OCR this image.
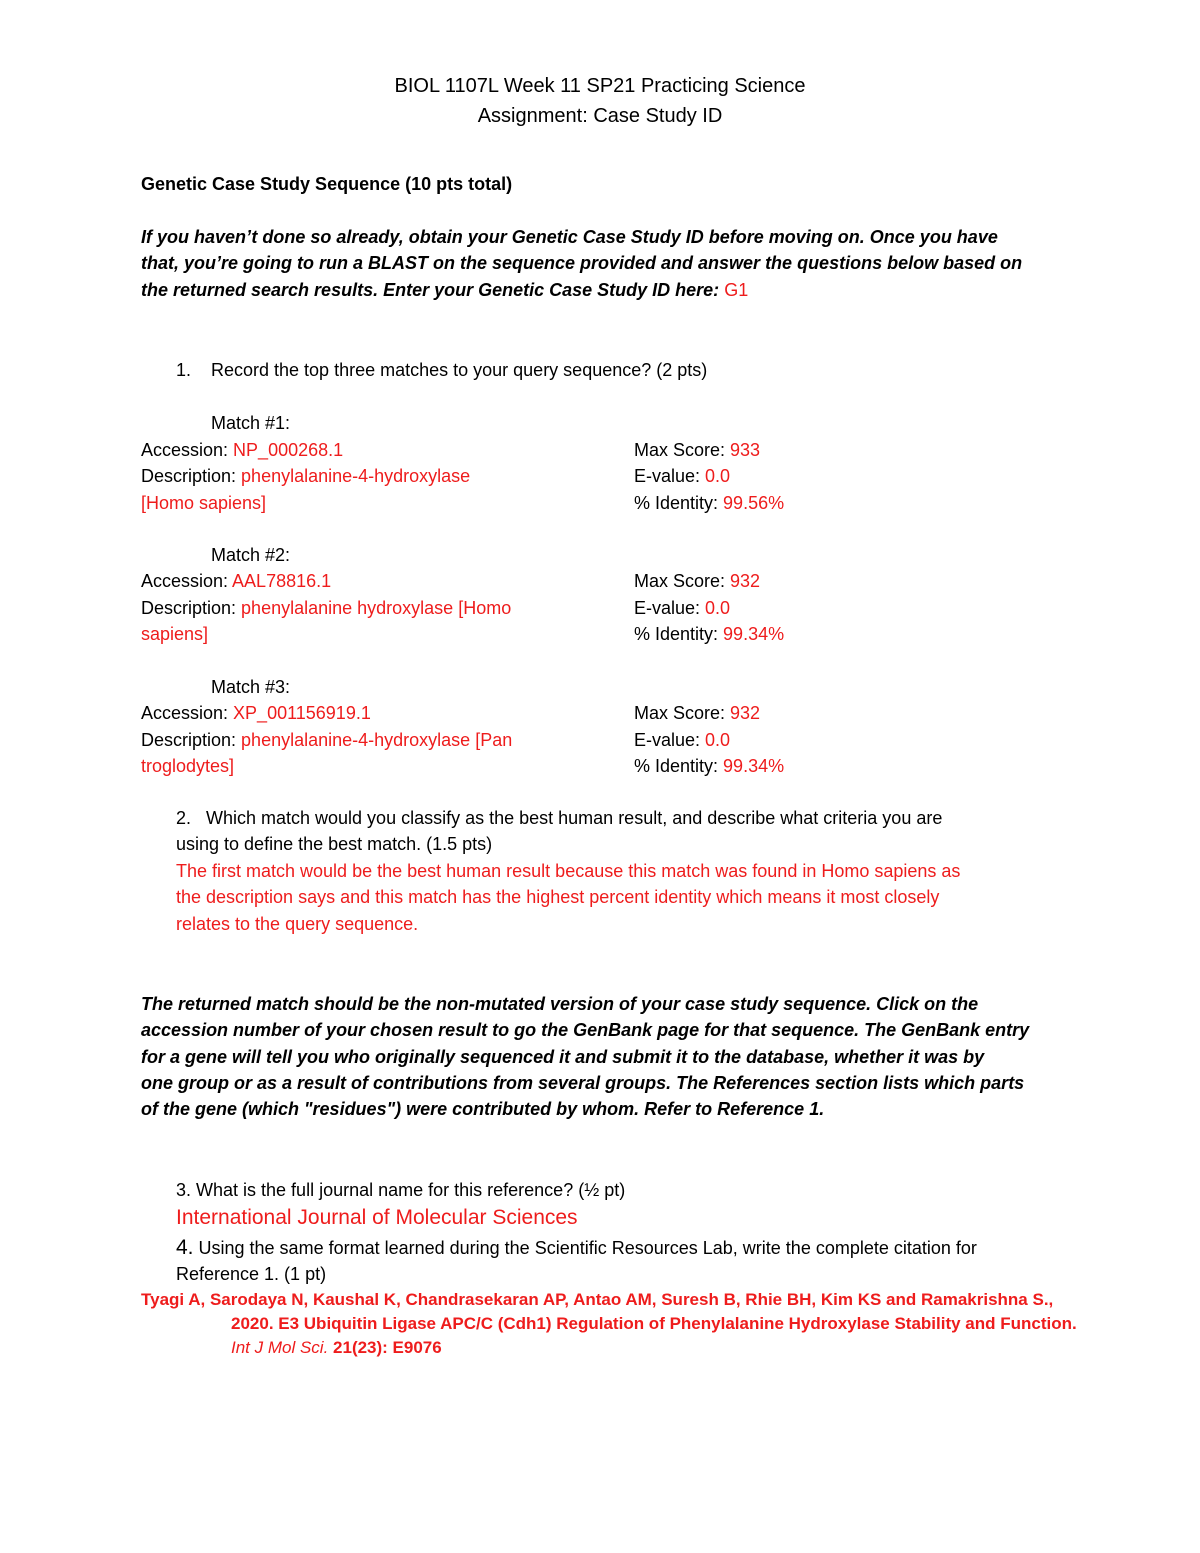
BIOL 1107L Week 11 SP21 Practicing Science
Assignment: Case Study ID
Genetic Case Study Sequence (10 pts total)
If you haven’t done so already, obtain your Genetic Case Study ID before moving on. Once you have
that, you’re going to run a BLAST on the sequence provided and answer the questions below based on
the returned search results. Enter your Genetic Case Study ID here: G1
1. Record the top three matches to your query sequence? (2 pts)
Match #1:
Accession: NP_000268.1
Description: phenylalanine-4-hydroxylase
[Homo sapiens]
Max Score: 933
E-value: 0.0
% Identity: 99.56%
Match #2:
Accession: AAL78816.1
Description: phenylalanine hydroxylase [Homo
sapiens]
Max Score: 932
E-value: 0.0
% Identity: 99.34%
Match #3:
Accession: XP_001156919.1
Description: phenylalanine-4-hydroxylase [Pan
troglodytes]
Max Score: 932
E-value: 0.0
% Identity: 99.34%
2. Which match would you classify as the best human result, and describe what criteria you are
using to define the best match. (1.5 pts)
The first match would be the best human result because this match was found in Homo sapiens as
the description says and this match has the highest percent identity which means it most closely
relates to the query sequence.
The returned match should be the non-mutated version of your case study sequence. Click on the
accession number of your chosen result to go the GenBank page for that sequence. The GenBank entry
for a gene will tell you who originally sequenced it and submit it to the database, whether it was by
one group or as a result of contributions from several groups. The References section lists which parts
of the gene (which "residues") were contributed by whom. Refer to Reference 1.
3. What is the full journal name for this reference? (½ pt)
International Journal of Molecular Sciences
4. Using the same format learned during the Scientific Resources Lab, write the complete citation for
Reference 1. (1 pt)
Tyagi A, Sarodaya N, Kaushal K, Chandrasekaran AP, Antao AM, Suresh B, Rhie BH, Kim KS and Ramakrishna S.,
2020. E3 Ubiquitin Ligase APC/C (Cdh1) Regulation of Phenylalanine Hydroxylase Stability and Function.
Int J Mol Sci. 21(23): E9076
